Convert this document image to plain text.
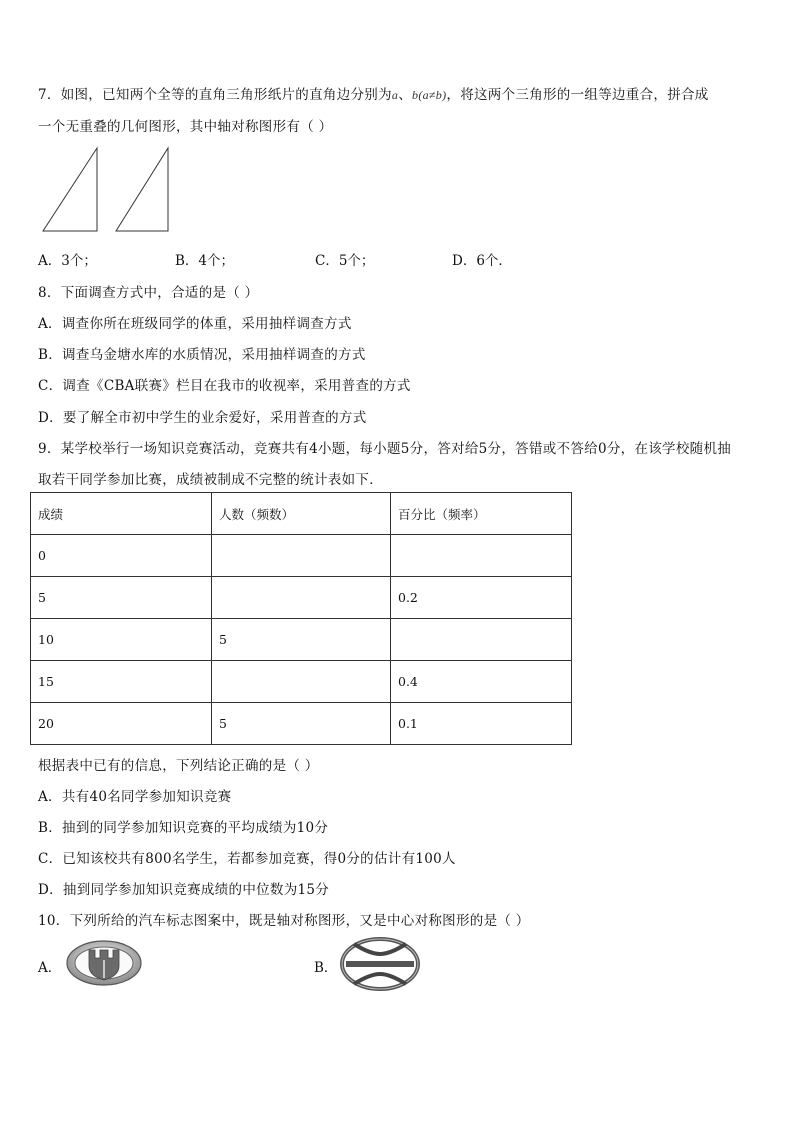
7．如图，已知两个全等的直角三角形纸片的直角边分别为a、b(a≠b)，将这两个三角形的一组等边重合，拼合成
一个无重叠的几何图形，其中轴对称图形有（ ）
A．3个；	B．4个；	C．5个；	D．6个．
8．下面调查方式中，合适的是（ ）
A．调查你所在班级同学的体重，采用抽样调查方式
B．调查乌金塘水库的水质情况，采用抽样调查的方式
C．调查《CBA联赛》栏目在我市的收视率，采用普查的方式
D．要了解全市初中学生的业余爱好，采用普查的方式
9．某学校举行一场知识竞赛活动，竞赛共有4小题，每小题5分，答对给5分，答错或不答给0分，在该学校随机抽
取若干同学参加比赛，成绩被制成不完整的统计表如下．
成绩	人数（频数）	百分比（频率）
0		
5		0.2
10	5	
15		0.4
20	5	0.1
根据表中已有的信息，下列结论正确的是（ ）
A．共有40名同学参加知识竞赛
B．抽到的同学参加知识竞赛的平均成绩为10分
C．已知该校共有800名学生，若都参加竞赛，得0分的估计有100人
D．抽到同学参加知识竞赛成绩的中位数为15分
10．下列所给的汽车标志图案中，既是轴对称图形，又是中心对称图形的是（ ）
A．	B．
